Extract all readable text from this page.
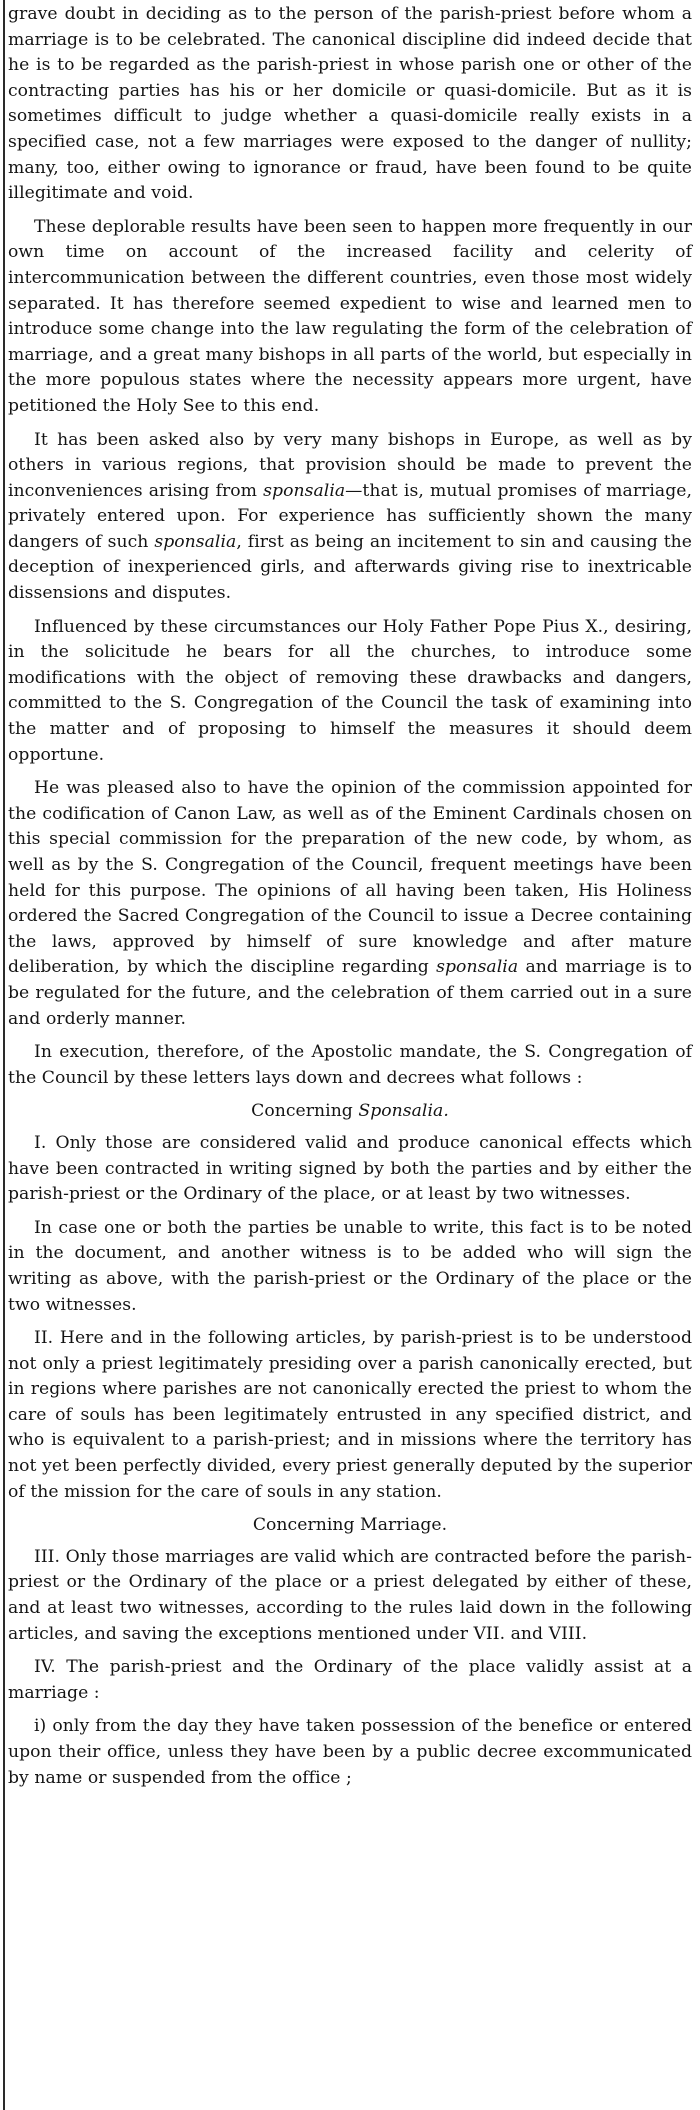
grave doubt in deciding as to the person of the parish-priest before whom a marriage is to be celebrated. The canonical discipline did indeed decide that he is to be regarded as the parish-priest in whose parish one or other of the contracting parties has his or her domicile or quasi-domicile. But as it is sometimes difficult to judge whether a quasi-domicile really exists in a specified case, not a few marriages were exposed to the danger of nullity; many, too, either owing to ignorance or fraud, have been found to be quite illegitimate and void.

These deplorable results have been seen to happen more frequently in our own time on account of the increased facility and celerity of intercommunication between the different countries, even those most widely separated. It has therefore seemed expedient to wise and learned men to introduce some change into the law regulating the form of the celebration of marriage, and a great many bishops in all parts of the world, but especially in the more populous states where the necessity appears more urgent, have petitioned the Holy See to this end.

It has been asked also by very many bishops in Europe, as well as by others in various regions, that provision should be made to prevent the inconveniences arising from sponsalia—that is, mutual promises of marriage, privately entered upon. For experience has sufficiently shown the many dangers of such sponsalia, first as being an incitement to sin and causing the deception of inexperienced girls, and afterwards giving rise to inextricable dissensions and disputes.

Influenced by these circumstances our Holy Father Pope Pius X., desiring, in the solicitude he bears for all the churches, to introduce some modifications with the object of removing these drawbacks and dangers, committed to the S. Congregation of the Council the task of examining into the matter and of proposing to himself the measures it should deem opportune.

He was pleased also to have the opinion of the commission appointed for the codification of Canon Law, as well as of the Eminent Cardinals chosen on this special commission for the preparation of the new code, by whom, as well as by the S. Congregation of the Council, frequent meetings have been held for this purpose. The opinions of all having been taken, His Holiness ordered the Sacred Congregation of the Council to issue a Decree containing the laws, approved by himself of sure knowledge and after mature deliberation, by which the discipline regarding sponsalia and marriage is to be regulated for the future, and the celebration of them carried out in a sure and orderly manner.

In execution, therefore, of the Apostolic mandate, the S. Congregation of the Council by these letters lays down and decrees what follows :

Concerning Sponsalia.

I. Only those are considered valid and produce canonical effects which have been contracted in writing signed by both the parties and by either the parish-priest or the Ordinary of the place, or at least by two witnesses.

In case one or both the parties be unable to write, this fact is to be noted in the document, and another witness is to be added who will sign the writing as above, with the parish-priest or the Ordinary of the place or the two witnesses.

II. Here and in the following articles, by parish-priest is to be understood not only a priest legitimately presiding over a parish canonically erected, but in regions where parishes are not canonically erected the priest to whom the care of souls has been legitimately entrusted in any specified district, and who is equivalent to a parish-priest; and in missions where the territory has not yet been perfectly divided, every priest generally deputed by the superior of the mission for the care of souls in any station.

Concerning Marriage.

III. Only those marriages are valid which are contracted before the parish-priest or the Ordinary of the place or a priest delegated by either of these, and at least two witnesses, according to the rules laid down in the following articles, and saving the exceptions mentioned under VII. and VIII.

IV. The parish-priest and the Ordinary of the place validly assist at a marriage :

i) only from the day they have taken possession of the benefice or entered upon their office, unless they have been by a public decree excommunicated by name or suspended from the office ;
